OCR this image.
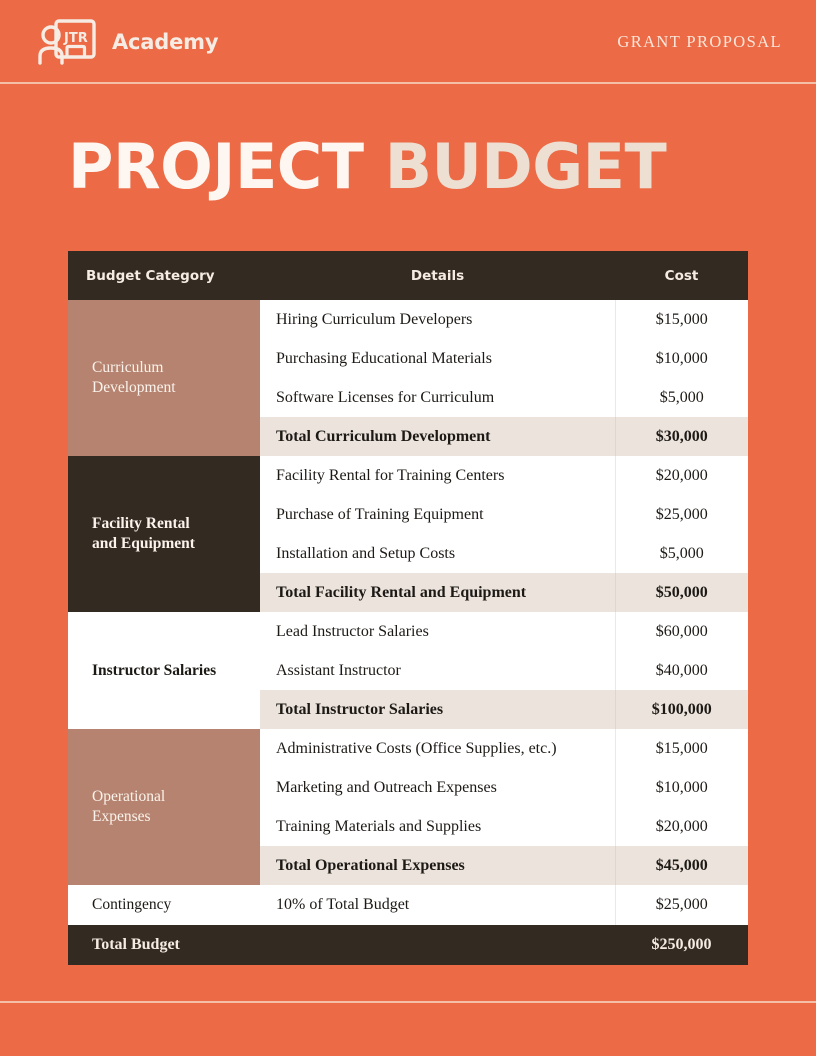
JTR Academy	GRANT PROPOSAL
PROJECT BUDGET
Budget Category	Details	Cost
Curriculum
Development	Hiring Curriculum Developers	$15,000
	Purchasing Educational Materials	$10,000
	Software Licenses for Curriculum	$5,000
	Total Curriculum Development	$30,000
Facility Rental
and Equipment	Facility Rental for Training Centers	$20,000
	Purchase of Training Equipment	$25,000
	Installation and Setup Costs	$5,000
	Total Facility Rental and Equipment	$50,000
Instructor Salaries	Lead Instructor Salaries	$60,000
	Assistant Instructor	$40,000
	Total Instructor Salaries	$100,000
Operational
Expenses	Administrative Costs (Office Supplies, etc.)	$15,000
	Marketing and Outreach Expenses	$10,000
	Training Materials and Supplies	$20,000
	Total Operational Expenses	$45,000
Contingency	10% of Total Budget	$25,000
Total Budget		$250,000
